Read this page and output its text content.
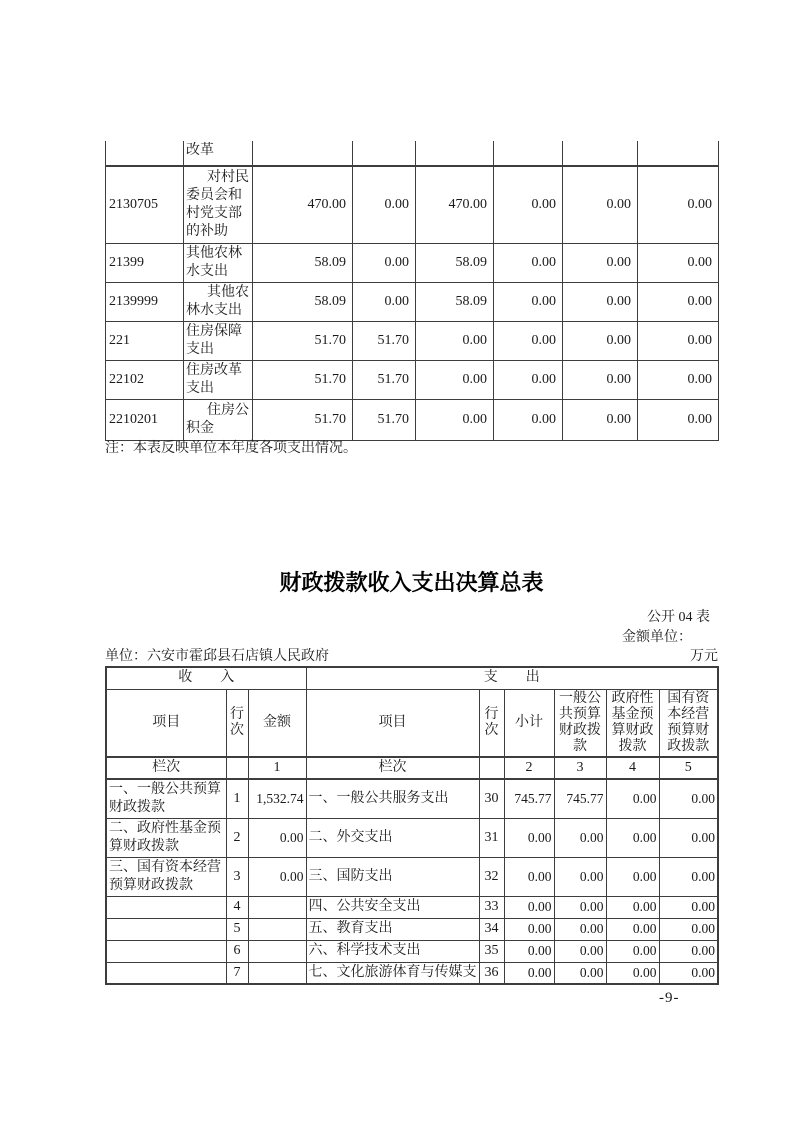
	改革						
2130705	对村民委员会和村党支部的补助	470.00	0.00	470.00	0.00	0.00	0.00
21399	其他农林水支出	58.09	0.00	58.09	0.00	0.00	0.00
2139999	其他农林水支出	58.09	0.00	58.09	0.00	0.00	0.00
221	住房保障支出	51.70	51.70	0.00	0.00	0.00	0.00
22102	住房改革支出	51.70	51.70	0.00	0.00	0.00	0.00
2210201	住房公积金	51.70	51.70	0.00	0.00	0.00	0.00
注：本表反映单位本年度各项支出情况。
财政拨款收入支出决算总表
公开 04 表
金额单位：
单位：六安市霍邱县石店镇人民政府	万元
收　　入			支　　出					
项目	行次	金额	项目	行次	小计	一般公共预算财政拨款	政府性基金预算财政拨款	国有资本经营预算财政拨款
栏次		1	栏次		2	3	4	5
一、一般公共预算财政拨款	1	1,532.74	一、一般公共服务支出	30	745.77	745.77	0.00	0.00
二、政府性基金预算财政拨款	2	0.00	二、外交支出	31	0.00	0.00	0.00	0.00
三、国有资本经营预算财政拨款	3	0.00	三、国防支出	32	0.00	0.00	0.00	0.00
	4		四、公共安全支出	33	0.00	0.00	0.00	0.00
	5		五、教育支出	34	0.00	0.00	0.00	0.00
	6		六、科学技术支出	35	0.00	0.00	0.00	0.00
	7		七、文化旅游体育与传媒支	36	0.00	0.00	0.00	0.00
-9-
